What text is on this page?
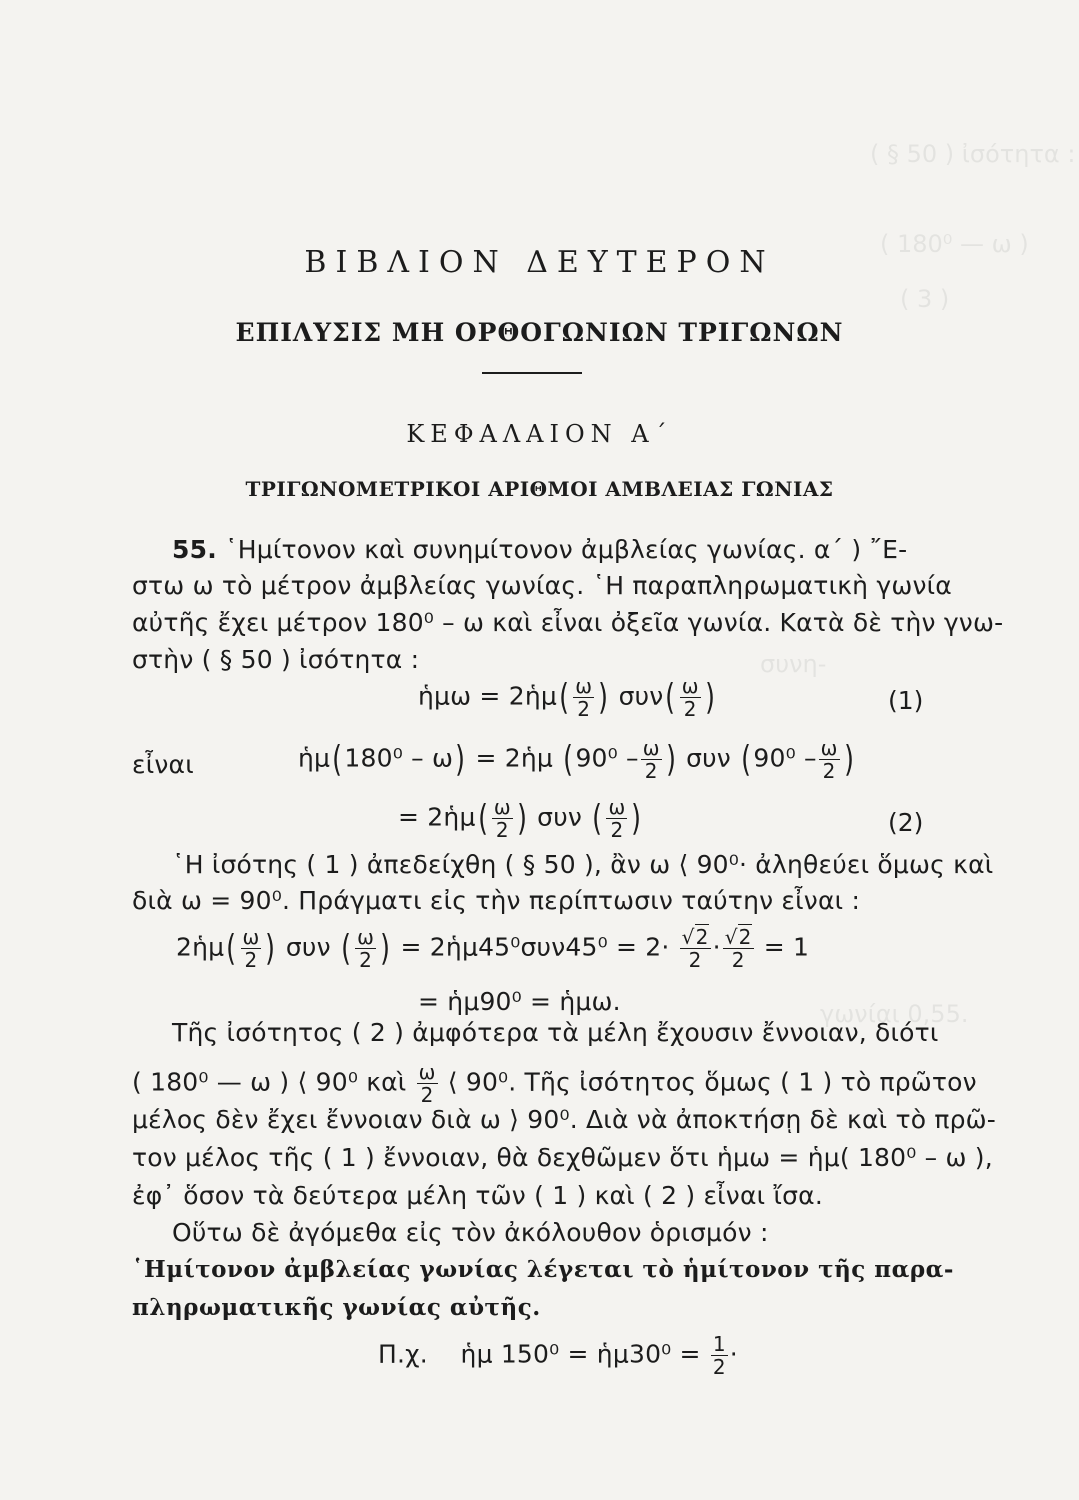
( § 50 ) ἰσότητα :
( 180⁰ — ω )
( 3 )
συνη-
γωνίαι 0,55.
ΒΙΒΛΙΟΝ ΔΕΥΤΕΡΟΝ
ΕΠΙΛΥΣΙΣ ΜΗ ΟΡΘΟΓΩΝΙΩΝ ΤΡΙΓΩΝΩΝ
ΚΕΦΑΛΑΙΟΝ Α΄
ΤΡΙΓΩΝΟΜΕΤΡΙΚΟΙ ΑΡΙΘΜΟΙ ΑΜΒΛΕΙΑΣ ΓΩΝΙΑΣ
55. ῾Ημίτονον καὶ συνημίτονον ἀμβλείας γωνίας. α΄ ) ῎Ε-
στω ω τὸ μέτρον ἀμβλείας γωνίας. ῾Η παραπληρωματικὴ γωνία
αὐτῆς ἔχει μέτρον 180⁰ – ω καὶ εἶναι ὀξεῖα γωνία. Κατὰ δὲ τὴν γνω-
στὴν ( § 50 ) ἰσότητα :
ἡμω = 2ἡμ( $\frac{\omega}{2}$ ) $\sigma\upsilon\nu( \frac{\omega}{2}$ )	(1)
εἶναι	ἡμ(180⁰ – ω) = 2ἡμ ($90^0 - \frac{\omega}{2}$ ) συν ($90^0 - \frac{\omega}{2}$ )
= 2ἡμ( $\frac{\omega}{2}$ ) συν ( $\frac{\omega}{2}$ )	(2)
῾Η ἰσότης ( 1 ) ἀπεδείχθη ( § 50 ), ἂν ω ⟨ 90⁰· ἀληθεύει ὅμως καὶ
διὰ ω = 90⁰. Πράγματι εἰς τὴν περίπτωσιν ταύτην εἶναι :
2ἡμ( $\frac{\omega}{2}$ ) συν ( $\frac{\omega}{2}$ ) = 2ἡμ45⁰συν45⁰ = $2\cdot \frac{√2}{2} \cdot \frac{√2}{2} = 1$
= ἡμ90⁰ = ἡμω.
Τῆς ἰσότητος ( 2 ) ἀμφότερα τὰ μέλη ἔχουσιν ἔννοιαν, διότι
( 180⁰ — ω ) ⟨ 90⁰ καὶ $\frac{\omega}{2}$ ⟨ 90⁰. Τῆς ἰσότητος ὅμως ( 1 ) τὸ πρῶτον
μέλος δὲν ἔχει ἔννοιαν διὰ ω ⟩ 90⁰. Διὰ νὰ ἀποκτήσῃ δὲ καὶ τὸ πρῶ-
τον μέλος τῆς ( 1 ) ἔννοιαν, θὰ δεχθῶμεν ὅτι ἡμω = ἡμ( 180⁰ – ω ),
ἐφ᾽ ὅσον τὰ δεύτερα μέλη τῶν ( 1 ) καὶ ( 2 ) εἶναι ἴσα.
Οὕτω δὲ ἀγόμεθα εἰς τὸν ἀκόλουθον ὁρισμόν :
῾Ημίτονον ἀμβλείας γωνίας λέγεται τὸ ἡμίτονον τῆς παρα-
πληρωματικῆς γωνίας αὐτῆς.
Π.χ. ἡμ 150⁰ = ἡμ30⁰ = $\frac{1}{2}$ ·
